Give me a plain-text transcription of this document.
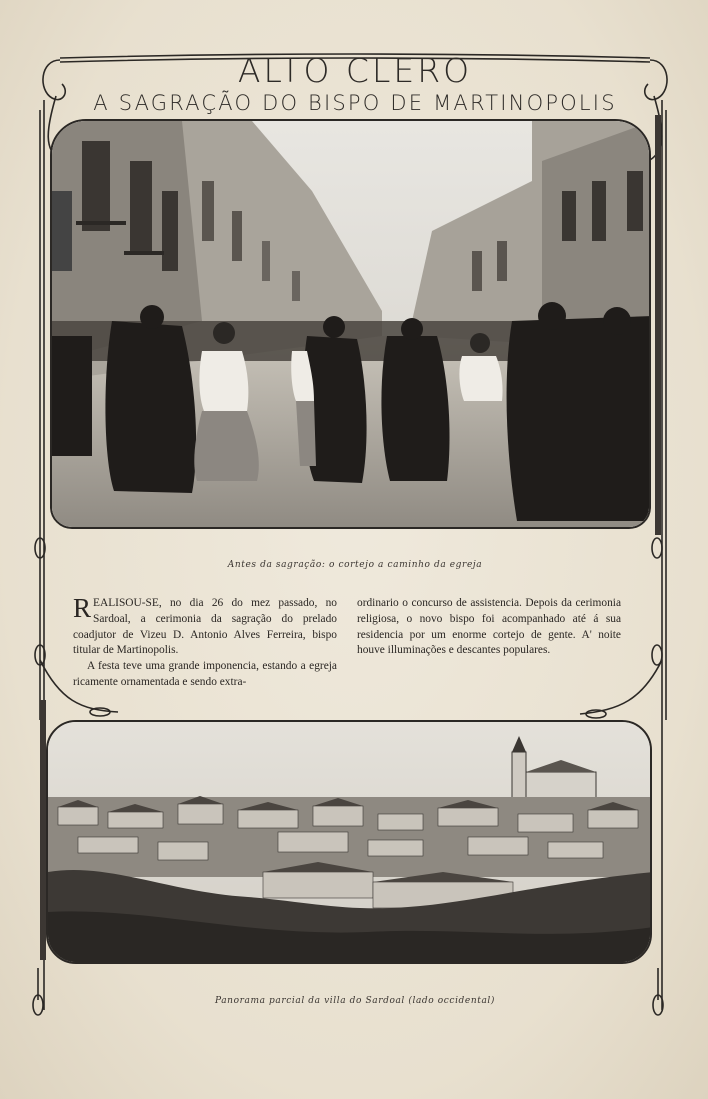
ALTO CLERO
A SAGRAÇÃO DO BISPO DE MARTINOPOLIS
Antes da sagração: o cortejo a caminho da egreja

REALISOU-SE, no dia 26 do mez passado, no Sardoal, a cerimonia da sagração do prelado coadjutor de Vizeu D. Antonio Alves Ferreira, bispo titular de Martinopolis.

A festa teve uma grande imponencia, estando a egreja ricamente ornamentada e sendo extra-

ordinario o concurso de assistencia. Depois da cerimonia religiosa, o novo bispo foi acompanhado até á sua residencia por um enorme cortejo de gente. A' noite houve illuminações e descantes populares.

Panorama parcial da villa do Sardoal (lado occidental)
